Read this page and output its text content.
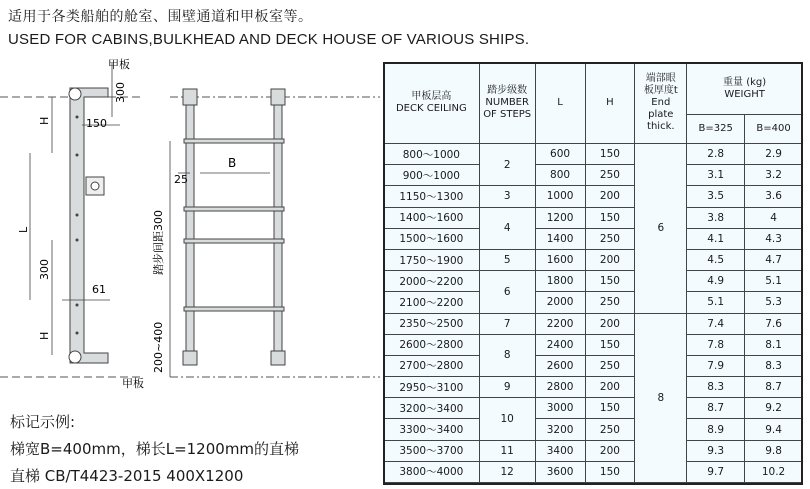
适用于各类船舶的舱室、围壁通道和甲板室等。
USED FOR CABINS,BULKHEAD AND DECK HOUSE OF VARIOUS SHIPS.
甲板
甲板
300
H	150
L
300
61
H
B
25
踏步间距300
200~400
标记示例:
梯宽B=400mm，梯长L=1200mm的直梯
直梯 CB/T4423-2015 400X1200
甲板层高
DECK CEILING	踏步级数
NUMBER
OF STEPS	L	H	端部眼
板厚度t
End
plate
thick.	重量 (kg)
WEIGHT	
					B=325	B=400
800～1000	2	600	150	6	2.8	2.9
900～1000		800	250		3.1	3.2
1150～1300	3	1000	200		3.5	3.6
1400～1600	4	1200	150		3.8	4
1500～1600		1400	250		4.1	4.3
1750～1900	5	1600	200		4.5	4.7
2000～2200	6	1800	150		4.9	5.1
2100～2200		2000	250		5.1	5.3
2350～2500	7	2200	200	8	7.4	7.6
2600～2800	8	2400	150		7.8	8.1
2700～2800		2600	250		7.9	8.3
2950～3100	9	2800	200		8.3	8.7
3200～3400	10	3000	150		8.7	9.2
3300～3400		3200	250		8.9	9.4
3500～3700	11	3400	200		9.3	9.8
3800～4000	12	3600	150		9.7	10.2
